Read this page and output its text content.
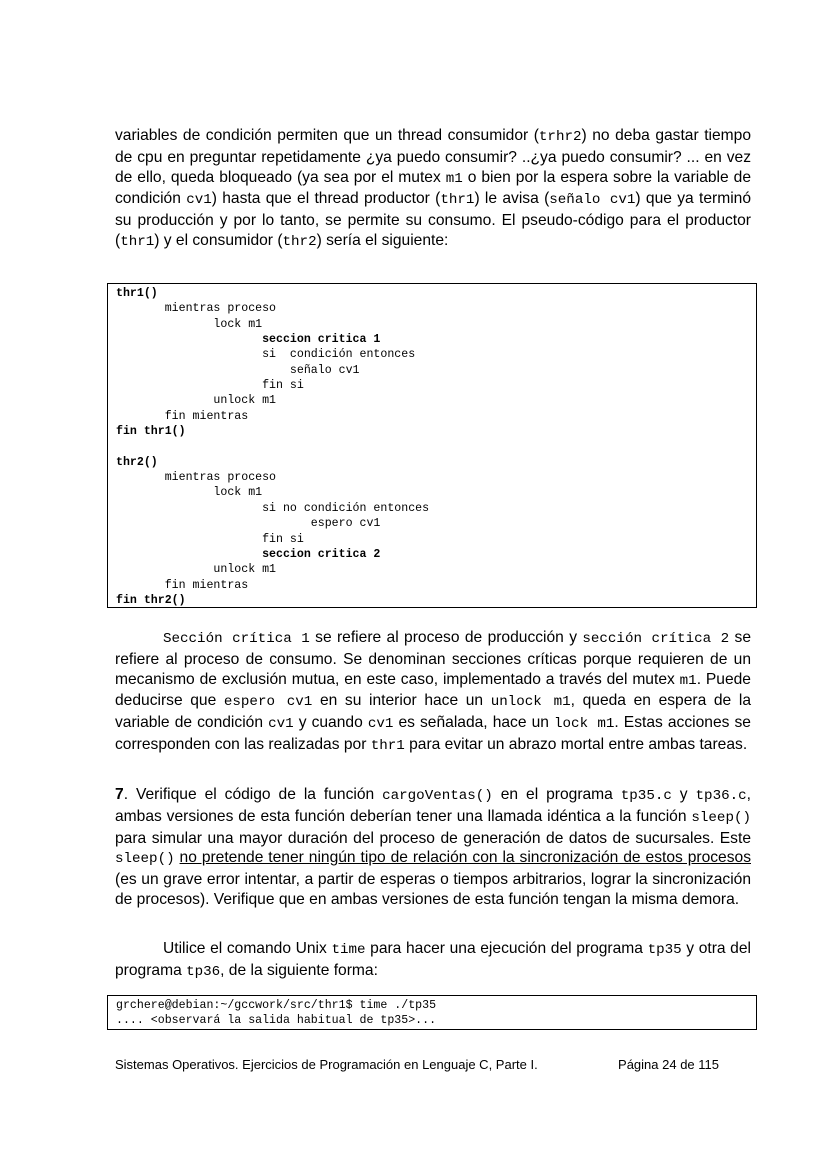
variables de condición permiten que un thread consumidor (trhr2) no deba gastar tiempo de cpu en preguntar repetidamente ¿ya puedo consumir? ..¿ya puedo consumir? ... en vez de ello, queda bloqueado (ya sea por el mutex m1 o bien por la espera sobre la variable de condición cv1) hasta que el thread productor (thr1) le avisa (señalo cv1) que ya terminó su producción y por lo tanto, se permite su consumo. El pseudo-código para el productor (thr1) y el consumidor (thr2) sería el siguiente:

thr1()
mientras proceso
lock m1
seccion critica 1
si  condición entonces
señalo cv1
fin si
unlock m1
fin mientras
fin thr1()

thr2()
mientras proceso
lock m1
si no condición entonces
espero cv1
fin si
seccion critica 2
unlock m1
fin mientras
fin thr2()

Sección crítica 1 se refiere al proceso de producción y sección crítica 2 se refiere al proceso de consumo. Se denominan secciones críticas porque requieren de un mecanismo de exclusión mutua, en este caso, implementado a través del mutex m1. Puede deducirse que espero cv1 en su interior hace un unlock m1, queda en espera de la variable de condición cv1 y cuando cv1 es señalada, hace un lock m1. Estas acciones se corresponden con las realizadas por thr1 para evitar un abrazo mortal entre ambas tareas.

7. Verifique el código de la función cargoVentas() en el programa tp35.c y tp36.c, ambas versiones de esta función deberían tener una llamada idéntica a la función sleep() para simular una mayor duración del proceso de generación de datos de sucursales. Este sleep() no pretende tener ningún tipo de relación con la sincronización de estos procesos (es un grave error intentar, a partir de esperas o tiempos arbitrarios, lograr la sincronización de procesos). Verifique que en ambas versiones de esta función tengan la misma demora.

Utilice el comando Unix time para hacer una ejecución del programa tp35 y otra del programa tp36, de la siguiente forma:

grchere@debian:~/gccwork/src/thr1$ time ./tp35
.... <observará la salida habitual de tp35>...
Sistemas Operativos. Ejercicios de Programación en Lenguaje C, Parte I.	Página 24 de 115
